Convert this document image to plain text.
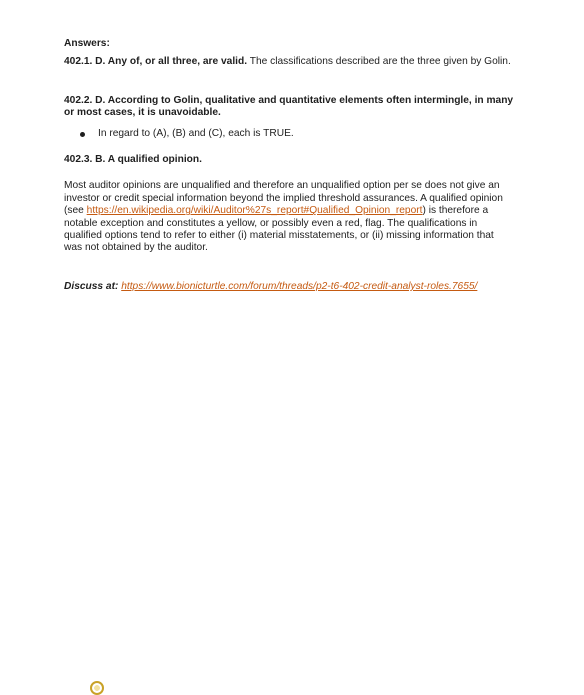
Answers:

402.1. D. Any of, or all three, are valid. The classifications described are the three given by Golin.

402.2. D. According to Golin, qualitative and quantitative elements often intermingle, in many or most cases, it is unavoidable.

In regard to (A), (B) and (C), each is TRUE.

402.3. B. A qualified opinion.

Most auditor opinions are unqualified and therefore an unqualified option per se does not give an investor or credit special information beyond the implied threshold assurances. A qualified opinion (see https://en.wikipedia.org/wiki/Auditor%27s_report#Qualified_Opinion_report) is therefore a notable exception and constitutes a yellow, or possibly even a red, flag. The qualifications in qualified options tend to refer to either (i) material misstatements, or (ii) missing information that was not obtained by the auditor.

Discuss at: https://www.bionicturtle.com/forum/threads/p2-t6-402-credit-analyst-roles.7655/
